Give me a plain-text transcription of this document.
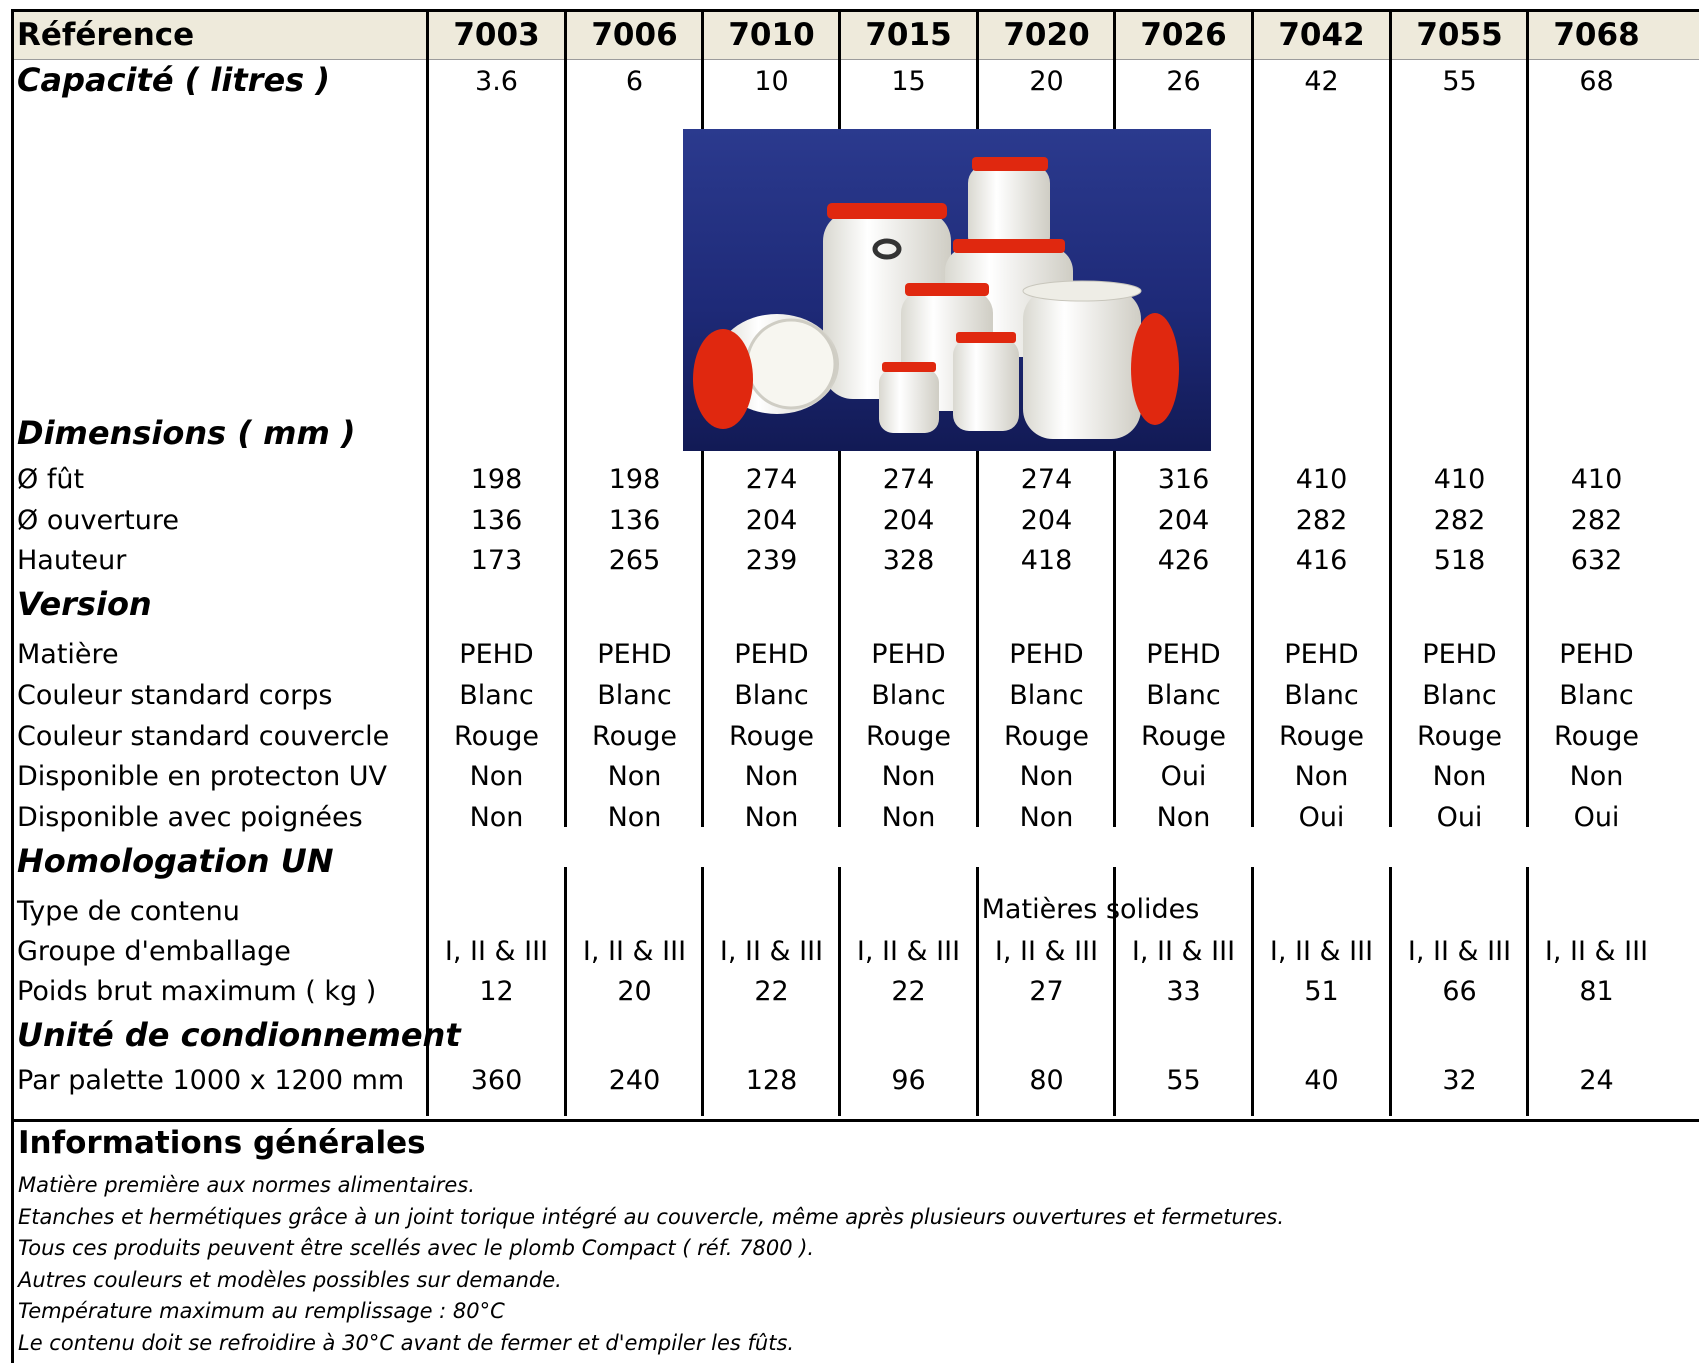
Référence	7003	7006	7010	7015	7020	7026	7042	7055	7068
Capacité ( litres )	3.6	6	10	15	20	26	42	55	68
Dimensions ( mm )
Ø fût	198	198	274	274	274	316	410	410	410
Ø ouverture	136	136	204	204	204	204	282	282	282
Hauteur	173	265	239	328	418	426	416	518	632
Version
Matière	PEHD	PEHD	PEHD	PEHD	PEHD	PEHD	PEHD	PEHD	PEHD
Couleur standard corps	Blanc	Blanc	Blanc	Blanc	Blanc	Blanc	Blanc	Blanc	Blanc
Couleur standard couvercle	Rouge	Rouge	Rouge	Rouge	Rouge	Rouge	Rouge	Rouge	Rouge
Disponible en protecton UV	Non	Non	Non	Non	Non	Oui	Non	Non	Non
Disponible avec poignées	Non	Non	Non	Non	Non	Non	Oui	Oui	Oui
Homologation UN
Type de contenu	Matières solides
Groupe d'emballage	I, II & III	I, II & III	I, II & III	I, II & III	I, II & III	I, II & III	I, II & III	I, II & III	I, II & III
Poids brut maximum ( kg )	12	20	22	22	27	33	51	66	81
Unité de condionnement
Par palette 1000 x 1200 mm	360	240	128	96	80	55	40	32	24
Informations générales
Matière première aux normes alimentaires.
Etanches et hermétiques grâce à un joint torique intégré au couvercle, même après plusieurs ouvertures et fermetures.
Tous ces produits peuvent être scellés avec le plomb Compact ( réf. 7800 ).
Autres couleurs et modèles possibles sur demande.
Température maximum au remplissage : 80°C
Le contenu doit se refroidire à 30°C avant de fermer et d'empiler les fûts.
